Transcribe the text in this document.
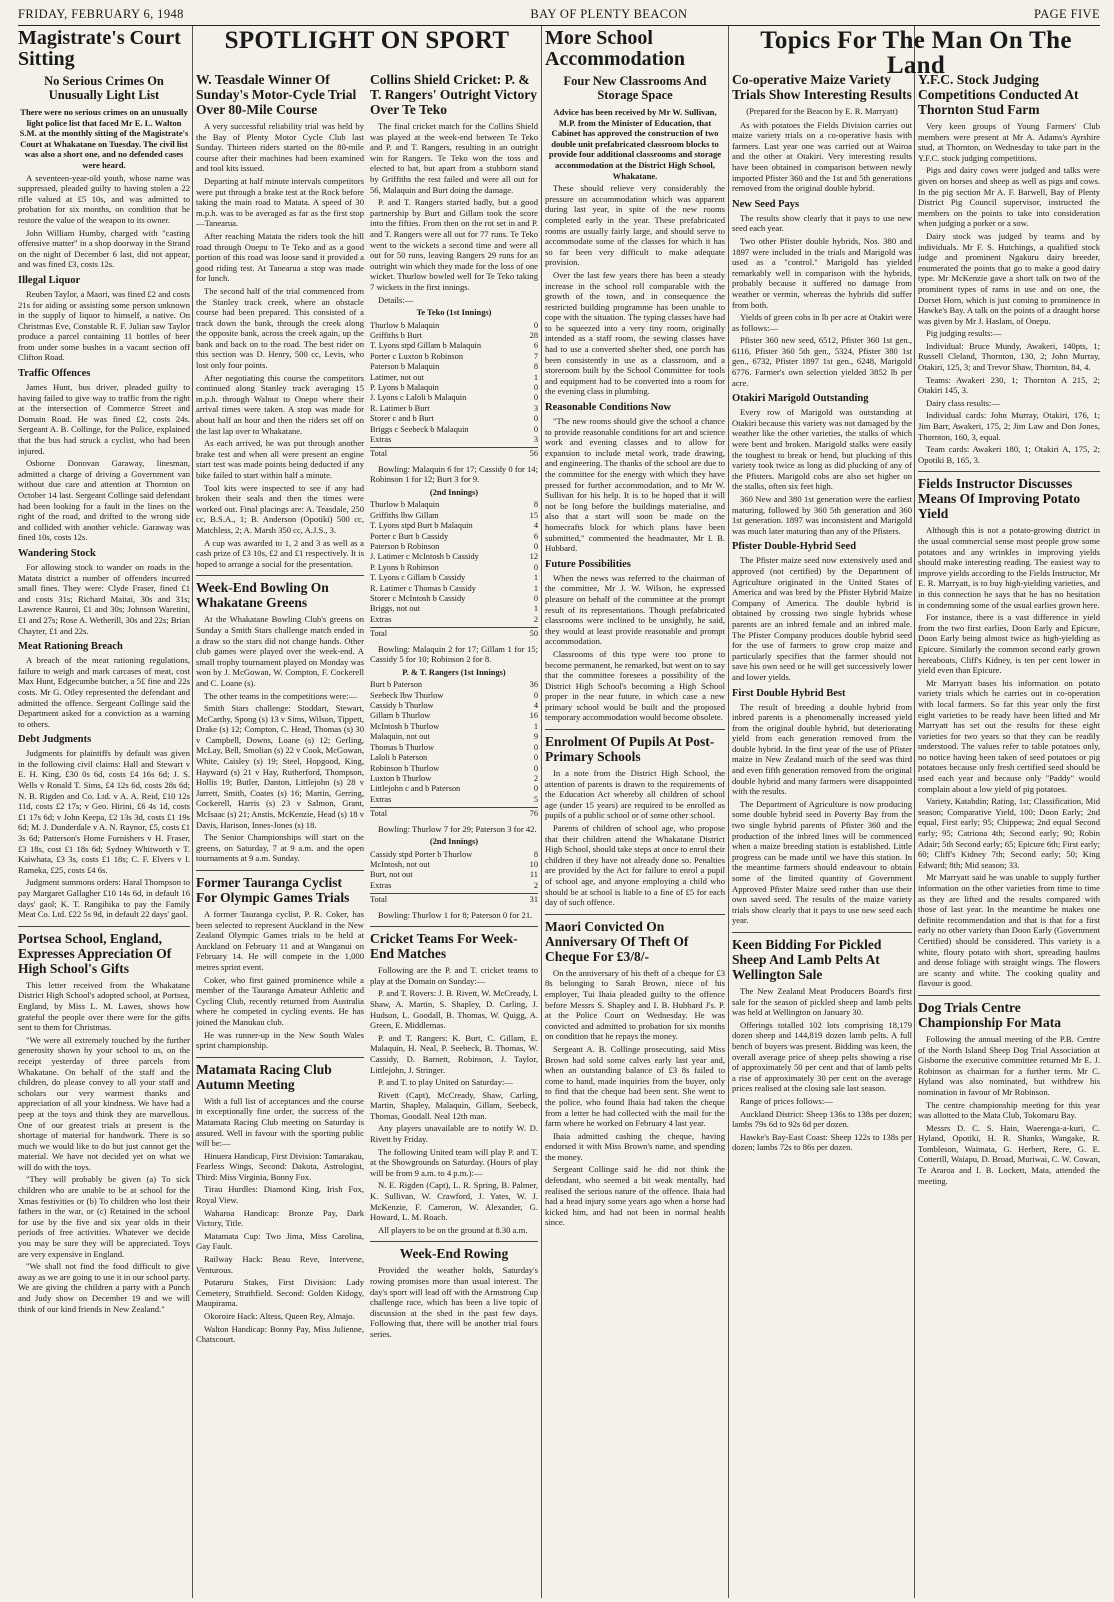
FRIDAY, FEBRUARY 6, 1948	BAY OF PLENTY BEACON	PAGE FIVE
SPOTLIGHT ON SPORT	Topics For The Man On The Land
Magistrate's Court Sitting
No Serious Crimes On Unusually Light List

There were no serious crimes on an unusually light police list that faced Mr E. L. Walton S.M. at the monthly sitting of the Magistrate's Court at Whakatane on Tuesday. The civil list was also a short one, and no defended cases were heard.

A seventeen-year-old youth, whose name was suppressed, pleaded guilty to having stolen a 22 rifle valued at £5 10s, and was admitted to probation for six months, on condition that he restore the value of the weapon to its owner.

John William Humby, charged with "casting offensive matter" in a shop doorway in the Strand on the night of December 6 last, did not appear, and was fined £3, costs 12s.

Illegal Liquor

Reuben Taylor, a Maori, was fined £2 and costs 21s for aiding or assisting some person unknown in the supply of liquor to himself, a native. On Christmas Eve, Constable R. F. Julian saw Taylor produce a parcel containing 11 bottles of beer from under some bushes in a vacant section off Clifton Road.

Traffic Offences

James Hunt, bus driver, pleaded guilty to having failed to give way to traffic from the right at the intersection of Commerce Street and Domain Road. He was fined £2, costs 24s. Sergeant A. B. Collinge, for the Police, explained that the bus had struck a cyclist, who had been injured.

Osborne Donovan Garaway, linesman, admitted a charge of driving a Government van without due care and attention at Thornton on October 14 last. Sergeant Collinge said defendant had been looking for a fault in the lines on the right of the road, and drifted to the wrong side and collided with another vehicle. Garaway was fined 10s, costs 12s.

Wandering Stock

For allowing stock to wander on roads in the Matata district a number of offenders incurred small fines. They were: Clyde Fraser, fined £1 and costs 31s; Richard Maitai, 30s and 31s; Lawrence Rauroi, £1 and 30s; Johnson Waretini, £1 and 27s; Rose A. Wetherill, 30s and 22s; Brian Chayter, £1 and 22s.

Meat Rationing Breach

A breach of the meat rationing regulations, failure to weigh and mark carcases of meat, cost Max Hunt, Edgecumbe butcher, a 5£ fine and 22s costs. Mr G. Otley represented the defendant and admitted the offence. Sergeant Collinge said the Department asked for a conviction as a warning to others.

Debt Judgments

Judgments for plaintiffs by default was given in the following civil claims: Hall and Stewart v E. H. King, £30 0s 6d, costs £4 16s 6d; J. S. Wells v Ronald T. Sims, £4 12s 6d, costs 28s 6d; N. B. Rigden and Co. Ltd. v A. A. Reid, £10 12s 11d, costs £2 17s; v Geo. Hirini, £6 4s 1d, costs £1 17s 6d; v John Keepa, £2 13s 3d, costs £1 19s 6d; M. J. Dunderdale v A. N. Raynor, £5, costs £1 3s 6d; Patterson's Home Furnishers v H. Fraser, £3 18s, cost £1 18s 6d; Sydney Whitworth v T. Kaiwhata, £3 3s, costs £1 18s; C. F. Elvers v I. Rameka, £25, costs £4 6s.

Judgment summons orders: Haral Thompson to pay Margaret Gallagher £10 14s 6d, in default 16 days' gaol; K. T. Rangihika to pay the Family Meat Co. Ltd. £22 5s 9d, in default 22 days' gaol.

Portsea School, England, Expresses Appreciation Of High School's Gifts

This letter received from the Whakatane District High School's adopted school, at Portsea, England, by Miss L. M. Lawes, shows how grateful the people over there were for the gifts sent to them for Christmas.

"We were all extremely touched by the further generosity shown by your school to us, on the receipt yesterday of three parcels from Whakatane. On behalf of the staff and the children, do please convey to all your staff and scholars our very warmest thanks and appreciation of all your kindness. We have had a peep at the toys and think they are marvellous. One of our greatest trials at present is the shortage of material for handwork. There is so much we would like to do but just cannot get the material. We have not decided yet on what we will do with the toys.

"They will probably be given (a) To sick children who are unable to be at school for the Xmas festivities or (b) To children who lost their fathers in the war, or (c) Retained in the school for use by the five and six year olds in their periods of free activities. Whatever we decide you may be sure they will be appreciated. Toys are very expensive in England.

"We shall not find the food difficult to give away as we are going to use it in our school party. We are giving the children a party with a Punch and Judy show on December 19 and we will think of our kind friends in New Zealand."

W. Teasdale Winner Of Sunday's Motor-Cycle Trial Over 80-Mile Course

A very successful reliability trial was held by the Bay of Plenty Motor Cycle Club last Sunday. Thirteen riders started on the 80-mile course after their machines had been examined and tool kits issued.

Departing at half minute intervals competitors were put through a brake test at the Rock before taking the main road to Matata. A speed of 30 m.p.h. was to be averaged as far as the first stop—Tanearua.

After reaching Matata the riders took the hill road through Onepu to Te Teko and as a good portion of this road was loose sand it provided a good riding test. At Tanearua a stop was made for lunch.

The second half of the trial commenced from the Stanley track creek, where an obstacle course had been prepared. This consisted of a track down the bank, through the creek along the opposite bank, across the creek again, up the bank and back on to the road. The best rider on this section was D. Henry, 500 cc, Levis, who lost only four points.

After negotiating this course the competitors continued along Stanley track averaging 15 m.p.h. through Walnut to Onepo where their arrival times were taken. A stop was made for about half an hour and then the riders set off on the last lap over to Whakatane.

As each arrived, he was put through another brake test and when all were present an engine start test was made points being deducted if any bike failed to start within half a minute.

Tool kits were inspected to see if any had broken their seals and then the times were worked out. Final placings are: A. Teasdale, 250 cc, B.S.A., 1; B. Anderson (Opotiki) 500 cc, Matchless, 2; A. Marsh 350 cc, A.J.S., 3.

A cup was awarded to 1, 2 and 3 as well as a cash prize of £3 10s, £2 and £1 respectively. It is hoped to arrange a social for the presentation.

Week-End Bowling On Whakatane Greens

At the Whakatane Bowling Club's greens on Sunday a Smith Stars challenge match ended in a draw so the stars did not change hands. Other club games were played over the week-end. A small trophy tournament played on Monday was won by J. McGowan, W. Compton, F. Cockerell and C. Loane (s).

The other teams in the competitions were:—

Smith Stars challenge: Stoddart, Stewart, McCarthy, Spong (s) 13 v Sims, Wilson, Tippett, Drake (s) 12; Compton, C. Head, Thomas (s) 30 v Campbell, Downs, Loane (s) 12; Gerling, McLay, Bell, Smolian (s) 22 v Cook, McGowan, White, Caisley (s) 19; Steel, Hopgood, King, Hayward (s) 21 v Hay, Rutherford, Thompson, Hollis 19; Butler, Danton, Littlejohn (s) 28 v Jarrett, Smith, Coates (s) 16; Martin, Gerring, Cockerell, Harris (s) 23 v Salmon, Grant, McIsaac (s) 21; Anstis, McKenzie, Head (s) 18 v Davis, Harison, Innes-Jones (s) 18.

The Senior Championships will start on the greens, on Saturday, 7 at 9 a.m. and the open tournaments at 9 a.m. Sunday.

Former Tauranga Cyclist For Olympic Games Trials

A former Tauranga cyclist, P. R. Coker, has been selected to represent Auckland in the New Zealand Olympic Games trials to be held at Auckland on February 11 and at Wanganui on February 14. He will compete in the 1,000 metres sprint event.

Coker, who first gained prominence while a member of the Tauranga Amateur Athletic and Cycling Club, recently returned from Australia where he competed in cycling events. He has joined the Manukau club.

He was runner-up in the New South Wales sprint championship.

Matamata Racing Club Autumn Meeting

With a full list of acceptances and the course in exceptionally fine order, the success of the Matamata Racing Club meeting on Saturday is assured. Well in favour with the sporting public will be:—

Hinuera Handicap, First Division: Tamarakau, Fearless Wings, Second: Dakota, Astrologist, Third: Miss Virginia, Bonny Fox.

Tirau Hurdles: Diamond King, Irish Fox, Royal View.

Waharoa Handicap: Bronze Pay, Dark Victory, Title.

Matamata Cup: Two Jima, Miss Carolina, Gay Fault.

Railway Hack: Beau Reve, Intervene, Venturous.

Putaruru Stakes, First Division: Lady Cemetery, Strathfield. Second: Golden Kidogy, Maupirama.

Okoroire Hack: Altess, Queen Rey, Almajo.

Walton Handicap: Bonny Pay, Miss Julienne, Chatscourt.

Collins Shield Cricket: P. & T. Rangers' Outright Victory Over Te Teko

The final cricket match for the Collins Shield was played at the week-end between Te Teko and P. and T. Rangers, resulting in an outright win for Rangers. Te Teko won the toss and elected to bat, but apart from a stubborn stand by Griffiths the rest failed and were all out for 56, Malaquin and Burt doing the damage.

P. and T. Rangers started badly, but a good partnership by Burt and Gillam took the score into the fifties. From then on the rot set in and P. and T. Rangers were all out for 77 runs. Te Teko went to the wickets a second time and were all out for 50 runs, leaving Rangers 29 runs for an outright win which they made for the loss of one wicket. Thurlow bowled well for Te Teko taking 7 wickets in the first innings.

Details:—

Te Teko (1st Innings)
Thurlow b Malaquin	0
Griffiths b Burt	28
T. Lyons stpd Gillam b Malaquin	6
Porter c Luxton b Robinson	7
Paterson b Malaquin	8
Latimer, not out	1
P. Lyons b Malaquin	0
J. Lyons c Laloli b Malaquin	0
R. Latimer b Burt	3
Storer c and b Burt	0
Briggs c Seebeck b Malaquin	0
Extras	3
Total	56

Bowling: Malaquin 6 for 17; Cassidy 0 for 14; Robinson 1 for 12; Burt 3 for 9.

(2nd Innings)
Thurlow b Malaquin	8
Griffiths lbw Gillam	15
T. Lyons stpd Burt b Malaquin	4
Porter c Burt b Cassidy	6
Paterson b Robinson	0
J. Latimer c McIntosh b Cassidy	12
P. Lyons b Robinson	0
T. Lyons c Gillam b Cassidy	1
R. Latimer c Thomas b Cassidy	1
Storer c McIntosh b Cassidy	0
Briggs, not out	1
Extras	2
Total	50

Bowling: Malaquin 2 for 17; Gillam 1 for 15; Cassidy 5 for 10; Robinson 2 for 8.

P. & T. Rangers (1st Innings)
Burt b Paterson	36
Seebeck lbw Thurlow	0
Cassidy b Thurlow	4
Gillam b Thurlow	16
McIntosh b Thurlow	1
Malaquin, not out	9
Thomas b Thurlow	0
Laloli b Paterson	0
Robinson b Thurlow	0
Luxton b Thurlow	2
Littlejohn c and b Paterson	0
Extras	5
Total	76

Bowling: Thurlow 7 for 29; Paterson 3 for 42.

(2nd Innings)
Cassidy stpd Porter b Thurlow	8
McIntosh, not out	10
Burt, not out	11
Extras	2
Total	31

Bowling: Thurlow 1 for 8; Paterson 0 for 21.

Cricket Teams For Week-End Matches

Following are the P. and T. cricket teams to play at the Domain on Sunday:—

P. and T. Rovers: J. B. Rivett, W. McCready, I. Shaw, A. Martin, S. Shapley, D. Carling, J. Hudson, L. Goodall, B. Thomas, W. Quigg, A. Green, E. Middlemas.

P. and T. Rangers: K. Burt, C. Gillam, E. Malaquin, H. Neal, P. Seebeck, B. Thomas, W. Cassidy, D. Barnett, Robinson, J. Taylor, Littlejohn, J. Stringer.

P. and T. to play United on Saturday:—

Rivett (Capt), McCready, Shaw, Carling, Martin, Shapley, Malaquin, Gillam, Seebeck, Thomas, Goodall. Neal 12th man.

Any players unavailable are to notify W. D. Rivett by Friday.

The following United team will play P. and T. at the Showgrounds on Saturday. (Hours of play will be from 9 a.m. to 4 p.m.):—

N. E. Rigden (Capt), L. R. Spring, B. Palmer, K. Sullivan, W. Crawford, J. Yates, W. J. McKenzie, F. Cameron, W. Alexander, G. Howard, L. M. Roach.

All players to be on the ground at 8.30 a.m.

Week-End Rowing

Provided the weather holds, Saturday's rowing promises more than usual interest. The day's sport will lead off with the Armstrong Cup challenge race, which has been a live topic of discussion at the shed in the past few days. Following that, there will be another trial fours series.

More School Accommodation
Four New Classrooms And Storage Space

Advice has been received by Mr W. Sullivan, M.P. from the Minister of Education, that Cabinet has approved the construction of two double unit prefabricated classroom blocks to provide four additional classrooms and storage accommodation at the District High School, Whakatane.

These should relieve very considerably the pressure on accommodation which was apparent during last year, in spite of the new rooms completed early in the year. These prefabricated rooms are usually fairly large, and should serve to accommodate some of the classes for which it has so far been very difficult to make adequate provision.

Over the last few years there has been a steady increase in the school roll comparable with the growth of the town, and in consequence the restricted building programme has been unable to cope with the situation. The typing classes have had to be squeezed into a very tiny room, originally intended as a staff room, the sewing classes have had to use a converted shelter shed, one porch has been consistently in use as a classroom, and a storeroom built by the School Committee for tools and equipment had to be converted into a room for the evening class in plumbing.

Reasonable Conditions Now

"The new rooms should give the school a chance to provide reasonable conditions for art and science work and evening classes and to allow for expansion to include metal work, trade drawing, and engineering. The thanks of the school are due to the committee for the energy with which they have pressed for further accommodation, and to Mr W. Sullivan for his help. It is to be hoped that it will not be long before the buildings materialise, and also that a start will soon be made on the homecrafts block for which plans have been submitted," commented the headmaster, Mr I. B. Hubbard.

Future Possibilities

When the news was referred to the chairman of the committee, Mr J. W. Wilson, he expressed pleasure on behalf of the committee at the prompt result of its representations. Though prefabricated classrooms were inclined to be unsightly, he said, they would at least provide reasonable and prompt accommodation.

Classrooms of this type were too prone to become permanent, he remarked, but went on to say that the committee foresees a possibility of the District High School's becoming a High School proper in the near future, in which case a new primary school would be built and the proposed temporary accommodation would become obsolete.

Enrolment Of Pupils At Post-Primary Schools

In a note from the District High School, the attention of parents is drawn to the requirements of the Education Act whereby all children of school age (under 15 years) are required to be enrolled as pupils of a public school or of some other school.

Parents of children of school age, who propose that their children attend the Whakatane District High School, should take steps at once to enrol their children if they have not already done so. Penalties are provided by the Act for failure to enrol a pupil of school age, and anyone employing a child who should be at school is liable to a fine of £5 for each day of such offence.

Maori Convicted On Anniversary Of Theft Of Cheque For £3/8/-

On the anniversary of his theft of a cheque for £3 8s belonging to Sarah Brown, niece of his employer, Tui Ihaia pleaded guilty to the offence before Messrs S. Shapley and I. B. Hubbard J's. P. at the Police Court on Wednesday. He was convicted and admitted to probation for six months on condition that he repays the money.

Sergeant A. B. Collinge prosecuting, said Miss Brown had sold some calves early last year and, when an outstanding balance of £3 8s failed to come to hand, made inquiries from the buyer, only to find that the cheque had been sent. She went to the police, who found Ihaia had taken the cheque from a letter he had collected with the mail for the farm where he worked on February 4 last year.

Ihaia admitted cashing the cheque, having endorsed it with Miss Brown's name, and spending the money.

Sergeant Collinge said he did not think the defendant, who seemed a bit weak mentally, had realised the serious nature of the offence. Ihaia had had a head injury some years ago when a horse had kicked him, and had not been in normal health since.

Co-operative Maize Variety Trials Show Interesting Results
(Prepared for the Beacon by E. R. Marryatt)

As with potatoes the Fields Division carries out maize variety trials on a co-operative basis with farmers. Last year one was carried out at Wairoa and the other at Otakiri. Very interesting results have been obtained in comparison between newly imported Pfister 360 and the 1st and 5th generations removed from the original double hybrid.

New Seed Pays

The results show clearly that it pays to use new seed each year.

Two other Pfister double hybrids, Nos. 380 and 1897 were included in the trials and Marigold was used as a "control." Marigold has yielded remarkably well in comparison with the hybrids, probably because it suffered no damage from weather or vermin, whereas the hybrids did suffer from both.

Yields of green cobs in lb per acre at Otakiri were as follows:—

Pfister 360 new seed, 6512, Pfister 360 1st gen., 6116, Pfister 360 5th gen., 5324, Pfister 380 1st gen., 6732, Pfister 1897 1st gen., 6248, Marigold 6776. Farmer's own selection yielded 3852 lb per acre.

Otakiri Marigold Outstanding

Every row of Marigold was outstanding at Otakiri because this variety was not damaged by the weather like the other varieties, the stalks of which were bent and broken. Marigold stalks were easily the toughest to break or bend, but plucking of this variety took twice as long as did plucking of any of the Pfisters. Marigold cobs are also set higher on the stalks, often six feet high.

360 New and 380 1st generation were the earliest maturing, followed by 360 5th generation and 360 1st generation. 1897 was inconsistent and Marigold was much later maturing than any of the Pfisters.

Pfister Double-Hybrid Seed

The Pfister maize seed now extensively used and approved (not certified) by the Department of Agriculture originated in the United States of America and was bred by the Pfister Hybrid Maize Company of America. The double hybrid is obtained by crossing two single hybrids whose parents are an inbred female and an inbred male. The Pfister Company produces double hybrid seed for the use of farmers to grow crop maize and particularly specifies that the farmer should not save his own seed or he will get successively lower and lower yields.

First Double Hybrid Best

The result of breeding a double hybrid from inbred parents is a phenomenally increased yield from the original double hybrid, but deteriorating yield from each generation removed from the double hybrid. In the first year of the use of Pfister maize in New Zealand much of the seed was third and even fifth generation removed from the original double hybrid and many farmers were disappointed with the results.

The Department of Agriculture is now producing some double hybrid seed in Poverty Bay from the two single hybrid parents of Pfister 360 and the production of the inbred lines will be commenced when a maize breeding station is established. Little progress can be made until we have this station. In the meantime farmers should endeavour to obtain some of the limited quantity of Government Approved Pfister Maize seed rather than use their own saved seed. The results of the maize variety trials show clearly that it pays to use new seed each year.

Keen Bidding For Pickled Sheep And Lamb Pelts At Wellington Sale

The New Zealand Meat Producers Board's first sale for the season of pickled sheep and lamb pelts was held at Wellington on January 30.

Offerings totalled 102 lots comprising 18,179 dozen sheep and 144,819 dozen lamb pelts. A full bench of buyers was present. Bidding was keen, the overall average price of sheep pelts showing a rise of approximately 50 per cent and that of lamb pelts a rise of approximately 30 per cent on the average prices realised at the closing sale last season.

Range of prices follows:—

Auckland District: Sheep 136s to 138s per dozen; lambs 79s 6d to 92s 6d per dozen.

Hawke's Bay-East Coast: Sheep 122s to 138s per dozen; lambs 72s to 86s per dozen.

Y.F.C. Stock Judging Competitions Conducted At Thornton Stud Farm

Very keen groups of Young Farmers' Club members were present at Mr A. Adams's Ayrshire stud, at Thornton, on Wednesday to take part in the Y.F.C. stock judging competitions.

Pigs and dairy cows were judged and talks were given on horses and sheep as well as pigs and cows. In the pig section Mr A. F. Barwell, Bay of Plenty District Pig Council supervisor, instructed the members on the points to take into consideration when judging a porker or a sow.

Dairy stock was judged by teams and by individuals. Mr F. S. Hutchings, a qualified stock judge and prominent Ngakuru dairy breeder, enumerated the points that go to make a good dairy type. Mr McKenzie gave a short talk on two of the prominent types of rams in use and on one, the Dorset Horn, which is just coming to prominence in Hawke's Bay. A talk on the points of a draught horse was given by Mr J. Haslam, of Onepu.

Pig judging results:—

Individual: Bruce Mundy, Awakeri, 140pts, 1; Russell Cleland, Thornton, 130, 2; John Murray, Otakiri, 125, 3; and Trevor Shaw, Thornton, 84, 4.

Teams: Awakeri 230, 1; Thornton A 215, 2; Otakiri 145, 3.

Dairy class results:—

Individual cards: John Murray, Otakiri, 176, 1; Jim Barr, Awakeri, 175, 2; Jim Law and Don Jones, Thornton, 160, 3, equal.

Team cards: Awakeri 180, 1; Otakiri A, 175, 2; Opotiki B, 165, 3.

Fields Instructor Discusses Means Of Improving Potato Yield

Although this is not a potato-growing district in the usual commercial sense most people grow some potatoes and any wrinkles in improving yields should make interesting reading. The easiest way to improve yields according to the Fields Instructor, Mr E. R. Marryatt, is to buy high-yielding varieties, and in this connection he says that he has no hesitation in condemning some of the usual earlies grown here.

For instance, there is a vast difference in yield from the two first earlies, Doon Early and Epicure, Doon Early being almost twice as high-yielding as Epicure. Similarly the common second early grown hereabouts, Cliff's Kidney, is ten per cent lower in yield even than Epicure.

Mr Marryatt bases his information on potato variety trials which he carries out in co-operation with local farmers. So far this year only the first eight varieties to be ready have been lifted and Mr Marryatt has set out the results for these eight varieties for two years so that they can be readily understood. The values refer to table potatoes only, no notice having been taken of seed potatoes or pig potatoes because only fresh certified seed should be used each year and because only "Paddy" would complain about a low yield of pig potatoes.

Variety, Katahdin; Rating, 1st; Classification, Mid season; Comparative Yield, 100; Doon Early; 2nd equal, First early; 95; Chippewa; 2nd equal Second early; 95; Catriona 4th; Second early; 90; Robin Adair; 5th Second early; 65; Epicure 6th; First early; 60; Cliff's Kidney 7th; Second early; 50; King Edward; 8th; Mid season; 33.

Mr Marryatt said he was unable to supply further information on the other varieties from time to time as they are lifted and the results compared with those of last year. In the meantime he makes one definite recommendation and that is that for a first early no other variety than Doon Early (Government Certified) should be considered. This variety is a white, floury potato with short, spreading haulms and dense foliage with straight wings. The flowers are scanty and white. The cooking quality and flavour is good.

Dog Trials Centre Championship For Mata

Following the annual meeting of the P.B. Centre of the North Island Sheep Dog Trial Association at Gisborne the executive committee returned Mr E. J. Robinson as chairman for a further term. Mr C. Hyland was also nominated, but withdrew his nomination in favour of Mr Robinson.

The centre championship meeting for this year was allotted to the Mata Club, Tokomaru Bay.

Messrs D. C. S. Hain, Waerenga-a-kuri, C. Hyland, Opotiki, H. R. Shanks, Wangake, R. Tombleson, Waimata, G. Herbert, Rere, G. E. Cotterill, Waiapu, D. Broad, Muriwai, C. W. Cowan, Te Araroa and I. B. Lockett, Mata, attended the meeting.
